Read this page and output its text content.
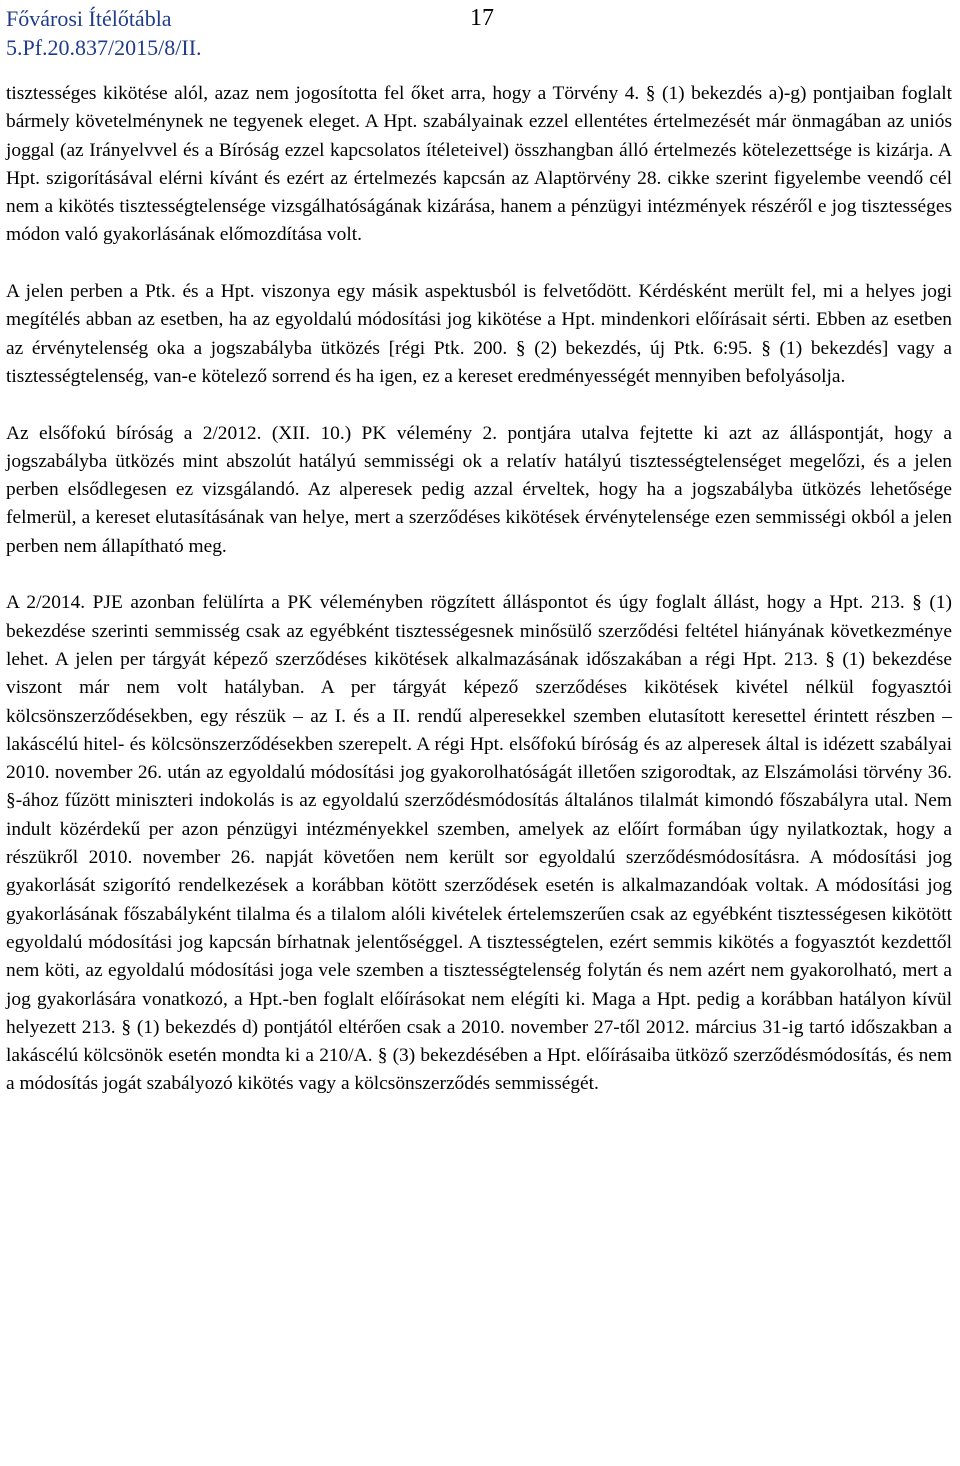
Fővárosi Ítélőtábla
5.Pf.20.837/2015/8/II.
17

tisztességes kikötése alól, azaz nem jogosította fel őket arra, hogy a Törvény 4. § (1) bekezdés a)-g) pontjaiban foglalt bármely követelménynek ne tegyenek eleget. A Hpt. szabályainak ezzel ellentétes értelmezését már önmagában az uniós joggal (az Irányelvvel és a Bíróság ezzel kapcsolatos ítéleteivel) összhangban álló értelmezés kötelezettsége is kizárja. A Hpt. szigorításával elérni kívánt és ezért az értelmezés kapcsán az Alaptörvény 28. cikke szerint figyelembe veendő cél nem a kikötés tisztességtelensége vizsgálhatóságának kizárása, hanem a pénzügyi intézmények részéről e jog tisztességes módon való gyakorlásának előmozdítása volt.

A jelen perben a Ptk. és a Hpt. viszonya egy másik aspektusból is felvetődött. Kérdésként merült fel, mi a helyes jogi megítélés abban az esetben, ha az egyoldalú módosítási jog kikötése a Hpt. mindenkori előírásait sérti. Ebben az esetben az érvénytelenség oka a jogszabályba ütközés [régi Ptk. 200. § (2) bekezdés, új Ptk. 6:95. § (1) bekezdés] vagy a tisztességtelenség, van-e kötelező sorrend és ha igen, ez a kereset eredményességét mennyiben befolyásolja.

Az elsőfokú bíróság a 2/2012. (XII. 10.) PK vélemény 2. pontjára utalva fejtette ki azt az álláspontját, hogy a jogszabályba ütközés mint abszolút hatályú semmisségi ok a relatív hatályú tisztességtelenséget megelőzi, és a jelen perben elsődlegesen ez vizsgálandó. Az alperesek pedig azzal érveltek, hogy ha a jogszabályba ütközés lehetősége felmerül, a kereset elutasításának van helye, mert a szerződéses kikötések érvénytelensége ezen semmisségi okból a jelen perben nem állapítható meg.

A 2/2014. PJE azonban felülírta a PK véleményben rögzített álláspontot és úgy foglalt állást, hogy a Hpt. 213. § (1) bekezdése szerinti semmisség csak az egyébként tisztességesnek minősülő szerződési feltétel hiányának következménye lehet. A jelen per tárgyát képező szerződéses kikötések alkalmazásának időszakában a régi Hpt. 213. § (1) bekezdése viszont már nem volt hatályban. A per tárgyát képező szerződéses kikötések kivétel nélkül fogyasztói kölcsönszerződésekben, egy részük – az I. és a II. rendű alperesekkel szemben elutasított keresettel érintett részben – lakáscélú hitel- és kölcsönszerződésekben szerepelt. A régi Hpt. elsőfokú bíróság és az alperesek által is idézett szabályai 2010. november 26. után az egyoldalú módosítási jog gyakorolhatóságát illetően szigorodtak, az Elszámolási törvény 36. §-ához fűzött miniszteri indokolás is az egyoldalú szerződésmódosítás általános tilalmát kimondó főszabályra utal. Nem indult közérdekű per azon pénzügyi intézményekkel szemben, amelyek az előírt formában úgy nyilatkoztak, hogy a részükről 2010. november 26. napját követően nem került sor egyoldalú szerződésmódosításra. A módosítási jog gyakorlását szigorító rendelkezések a korábban kötött szerződések esetén is alkalmazandóak voltak. A módosítási jog gyakorlásának főszabályként tilalma és a tilalom alóli kivételek értelemszerűen csak az egyébként tisztességesen kikötött egyoldalú módosítási jog kapcsán bírhatnak jelentőséggel. A tisztességtelen, ezért semmis kikötés a fogyasztót kezdettől nem köti, az egyoldalú módosítási joga vele szemben a tisztességtelenség folytán és nem azért nem gyakorolható, mert a jog gyakorlására vonatkozó, a Hpt.-ben foglalt előírásokat nem elégíti ki. Maga a Hpt. pedig a korábban hatályon kívül helyezett 213. § (1) bekezdés d) pontjától eltérően csak a 2010. november 27-től 2012. március 31-ig tartó időszakban a lakáscélú kölcsönök esetén mondta ki a 210/A. § (3) bekezdésében a Hpt. előírásaiba ütköző szerződésmódosítás, és nem a módosítás jogát szabályozó kikötés vagy a kölcsönszerződés semmisségét.
